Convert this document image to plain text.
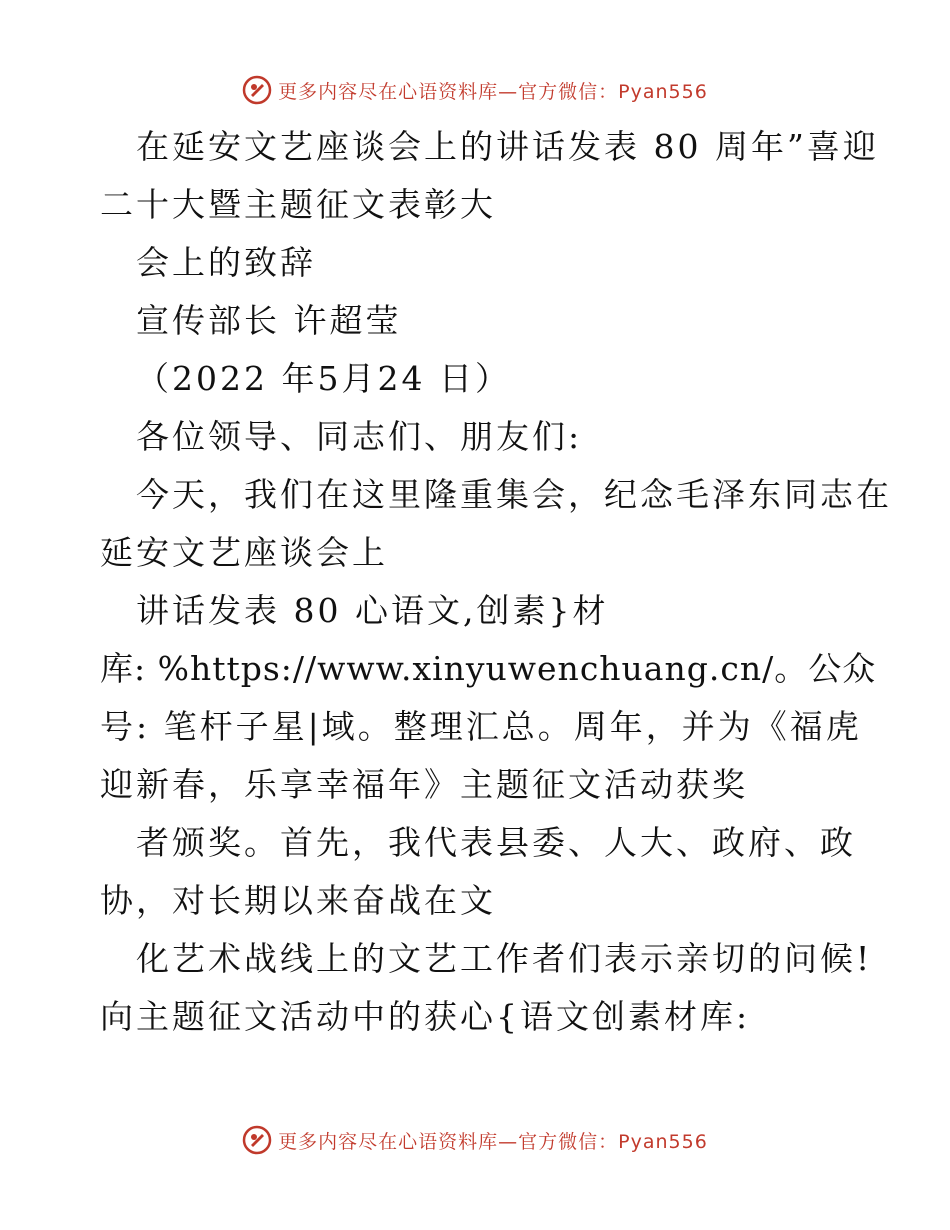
更多内容尽在心语资料库—官方微信：Pyan556
在延安文艺座谈会上的讲话发表 80 周年”喜迎
二十大暨主题征文表彰大
会上的致辞
宣传部长 许超莹
（2022 年5月24 日）
各位领导、同志们、朋友们:
今天，我们在这里隆重集会，纪念毛泽东同志在
延安文艺座谈会上
讲话发表 80 心语文,创素}材
库: %https://www.xinyuwenchuang.cn/。公众
号: 笔杆子星|域。整理汇总。周年，并为《福虎
迎新春，乐享幸福年》主题征文活动获奖
者颁奖。首先，我代表县委、人大、政府、政
协，对长期以来奋战在文
化艺术战线上的文艺工作者们表示亲切的问候!
向主题征文活动中的获心{语文创素材库:
更多内容尽在心语资料库—官方微信：Pyan556
